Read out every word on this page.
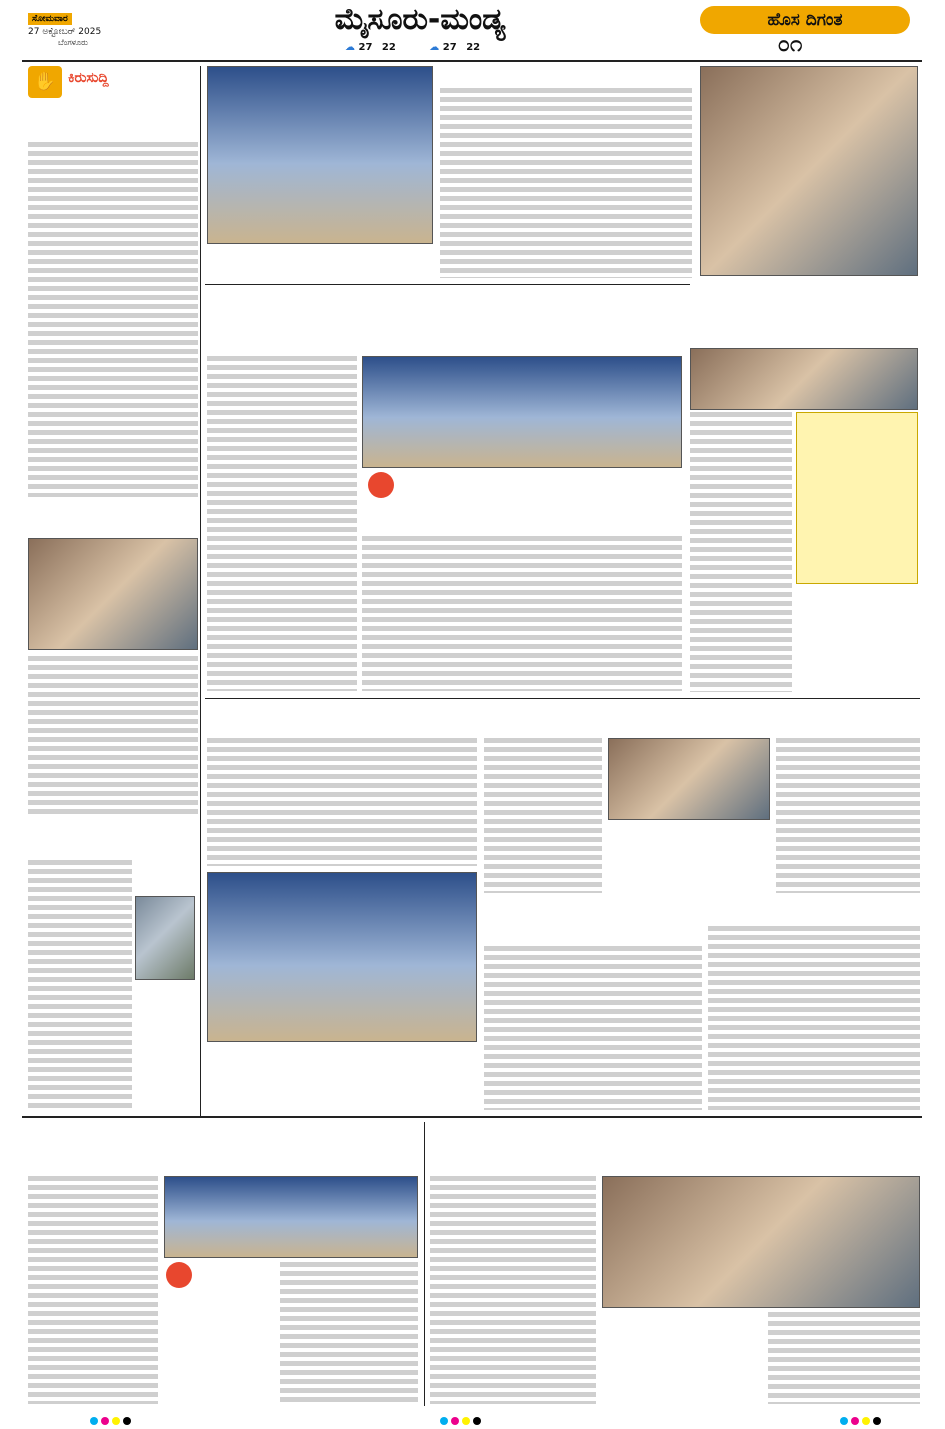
ಸೋಮವಾರ
27 ಅಕ್ಟೋಬರ್ 2025
ಬೆಂಗಳೂರು
ಮೈಸೂರು-ಮಂಡ್ಯ
☁ 27 22	☁ 27 22
ಹೊಸ ದಿಗಂತ
೦೧
✋ ಕಿರುಸುದ್ದಿ
